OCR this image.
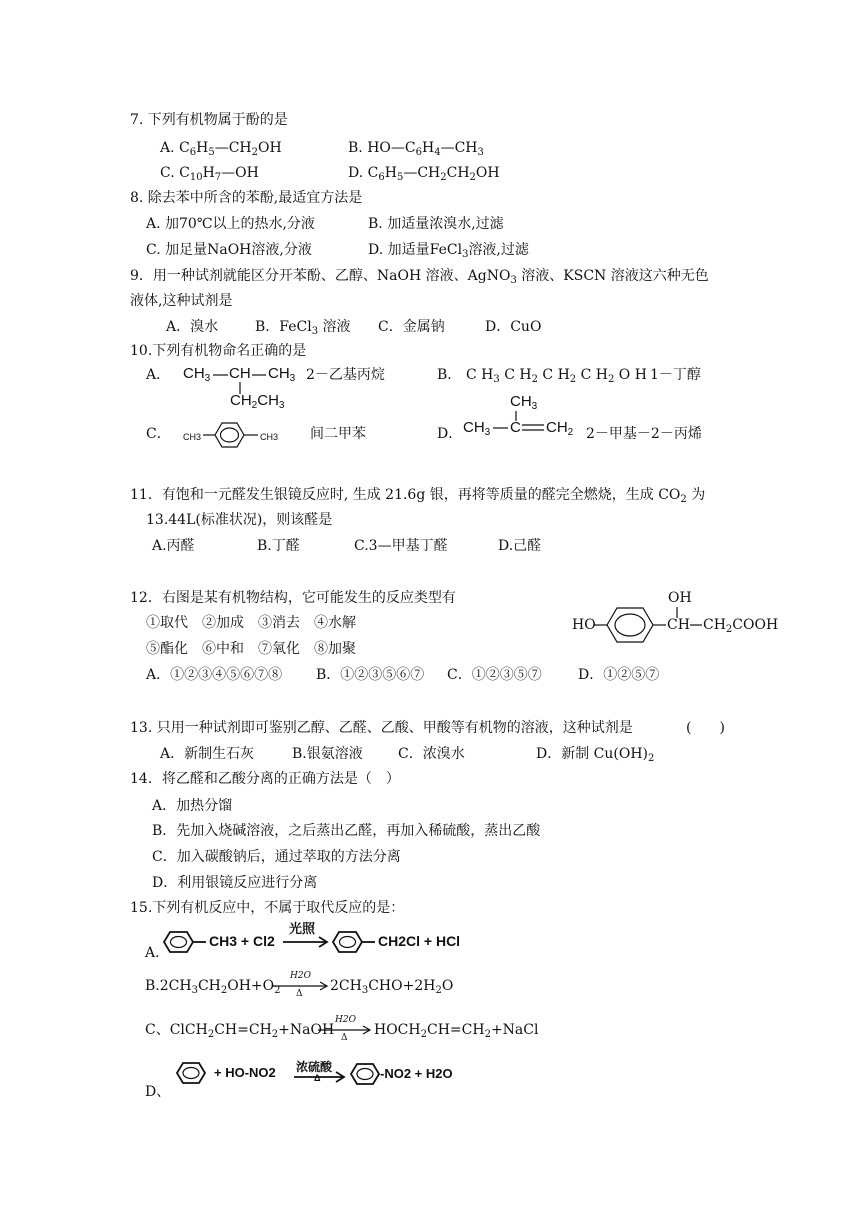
7. 下列有机物属于酚的是
A. $C_6H_5—CH_2OH$	B. $HO—C_6H_4—CH_3$
C. $C_{10}H_7—OH$	D. $C_6H_5—CH_2CH_2OH$
8. 除去苯中所含的苯酚,最适宜方法是
A. 加70℃以上的热水,分液	B. 加适量浓溴水,过滤
C. 加足量NaOH溶液,分液	D. 加适量FeCl$_3$溶液,过滤
9．用一种试剂就能区分开苯酚、乙醇、NaOH 溶液、AgNO$_3$ 溶液、KSCN 溶液这六种无色
液体,这种试剂是
A．溴水	B．FeCl$_3$ 溶液 C．金属钠	D．CuO
10.下列有机物命名正确的是
A． $CH_3$ CH $CH_3$
$CH_2CH_3$
2－乙基丙烷	B． C $H_3$ C $H_2$ C $H_2$ C $H_2$ O H 1－丁醇
C． CH3	CH3 间二甲苯	D．
$CH_3$
$CH_3$ C $CH_2$ 2－甲基－2－丙烯
11．有饱和一元醛发生银镜反应时, 生成 21.6g 银，再将等质量的醛完全燃烧，生成 $CO_2$ 为
13.44L(标准状况)，则该醛是
A.丙醛	B.丁醛	C.3—甲基丁醛	D.己醛
12．右图是某有机物结构，它可能发生的反应类型有
①取代　②加成　③消去　④水解
⑤酯化　⑥中和　⑦氧化　⑧加聚
A．①②③④⑤⑥⑦⑧ B．①②③⑤⑥⑦ C．①②③⑤⑦	D．①②⑤⑦
HO
OH
CH $CH_2COOH$
13. 只用一种试剂即可鉴别乙醇、乙醛、乙酸、甲酸等有机物的溶液，这种试剂是	(　　)
A．新制生石灰	B.银氨溶液	C．浓溴水	D．新制 $Cu(OH)_2$
14．将乙醛和乙酸分离的正确方法是（　）
A．加热分馏
B．先加入烧碱溶液，之后蒸出乙醛，再加入稀硫酸，蒸出乙酸
C．加入碳酸钠后，通过萃取的方法分离
D．利用银镜反应进行分离
15.下列有机反应中，不属于取代反应的是：
A.
CH3 + Cl2
光照
CH2Cl + HCl
$B.2CH_3CH_2OH+O_2$
H2O
Δ $2CH_3CHO+2H_2O$
C、$ClCH_2CH=CH_2+NaOH$
H2O
Δ $HOCH_2CH=CH_2+NaCl$
+ HO-NO2 浓硫酸
Δ	-NO2 + H2O
D、
